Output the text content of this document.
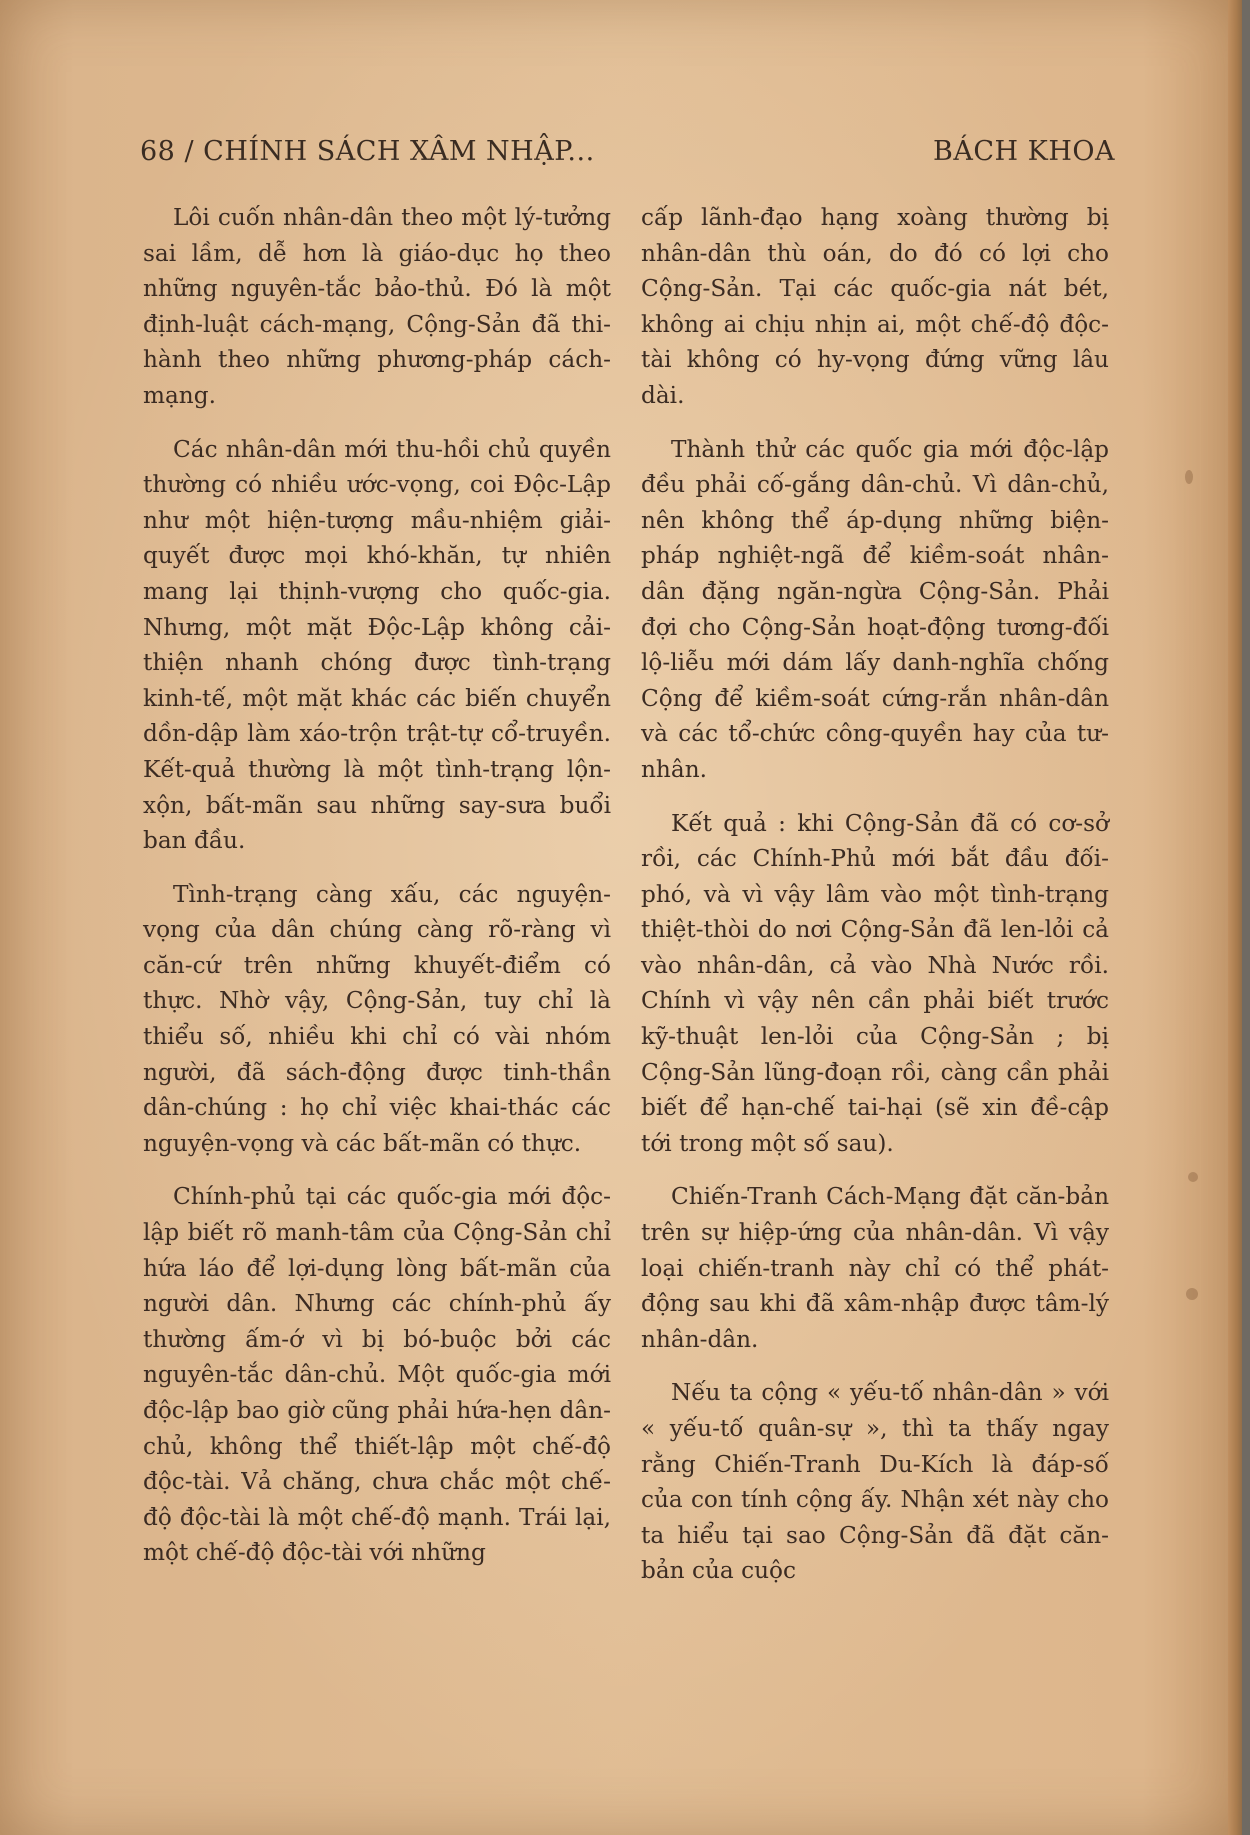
68 / CHÍNH SÁCH XÂM NHẬP...	BÁCH KHOA

Lôi cuốn nhân-dân theo một lý-tưởng sai lầm, dễ hơn là giáo-dục họ theo những nguyên-tắc bảo-thủ. Đó là một định-luật cách-mạng, Cộng-Sản đã thi-hành theo những phương-pháp cách-mạng.

Các nhân-dân mới thu-hồi chủ quyền thường có nhiều ước-vọng, coi Độc-Lập như một hiện-tượng mầu-nhiệm giải-quyết được mọi khó-khăn, tự nhiên mang lại thịnh-vượng cho quốc-gia. Nhưng, một mặt Độc-Lập không cải-thiện nhanh chóng được tình-trạng kinh-tế, một mặt khác các biến chuyển dồn-dập làm xáo-trộn trật-tự cổ-truyền. Kết-quả thường là một tình-trạng lộn-xộn, bất-mãn sau những say-sưa buổi ban đầu.

Tình-trạng càng xấu, các nguyện-vọng của dân chúng càng rõ-ràng vì căn-cứ trên những khuyết-điểm có thực. Nhờ vậy, Cộng-Sản, tuy chỉ là thiểu số, nhiều khi chỉ có vài nhóm người, đã sách-động được tinh-thần dân-chúng : họ chỉ việc khai-thác các nguyện-vọng và các bất-mãn có thực.

Chính-phủ tại các quốc-gia mới độc-lập biết rõ manh-tâm của Cộng-Sản chỉ hứa láo để lợi-dụng lòng bất-mãn của người dân. Nhưng các chính-phủ ấy thường ấm-ớ vì bị bó-buộc bởi các nguyên-tắc dân-chủ. Một quốc-gia mới độc-lập bao giờ cũng phải hứa-hẹn dân-chủ, không thể thiết-lập một chế-độ độc-tài. Vả chăng, chưa chắc một chế-độ độc-tài là một chế-độ mạnh. Trái lại, một chế-độ độc-tài với những

cấp lãnh-đạo hạng xoàng thường bị nhân-dân thù oán, do đó có lợi cho Cộng-Sản. Tại các quốc-gia nát bét, không ai chịu nhịn ai, một chế-độ độc-tài không có hy-vọng đứng vững lâu dài.

Thành thử các quốc gia mới độc-lập đều phải cố-gắng dân-chủ. Vì dân-chủ, nên không thể áp-dụng những biện-pháp nghiệt-ngã để kiềm-soát nhân-dân đặng ngăn-ngừa Cộng-Sản. Phải đợi cho Cộng-Sản hoạt-động tương-đối lộ-liễu mới dám lấy danh-nghĩa chống Cộng để kiềm-soát cứng-rắn nhân-dân và các tổ-chức công-quyền hay của tư-nhân.

Kết quả : khi Cộng-Sản đã có cơ-sở rồi, các Chính-Phủ mới bắt đầu đối-phó, và vì vậy lâm vào một tình-trạng thiệt-thòi do nơi Cộng-Sản đã len-lỏi cả vào nhân-dân, cả vào Nhà Nước rồi. Chính vì vậy nên cần phải biết trước kỹ-thuật len-lỏi của Cộng-Sản ; bị Cộng-Sản lũng-đoạn rồi, càng cần phải biết để hạn-chế tai-hại (sẽ xin đề-cập tới trong một số sau).

Chiến-Tranh Cách-Mạng đặt căn-bản trên sự hiệp-ứng của nhân-dân. Vì vậy loại chiến-tranh này chỉ có thể phát-động sau khi đã xâm-nhập được tâm-lý nhân-dân.

Nếu ta cộng « yếu-tố nhân-dân » với « yếu-tố quân-sự », thì ta thấy ngay rằng Chiến-Tranh Du-Kích là đáp-số của con tính cộng ấy. Nhận xét này cho ta hiểu tại sao Cộng-Sản đã đặt căn-bản của cuộc
